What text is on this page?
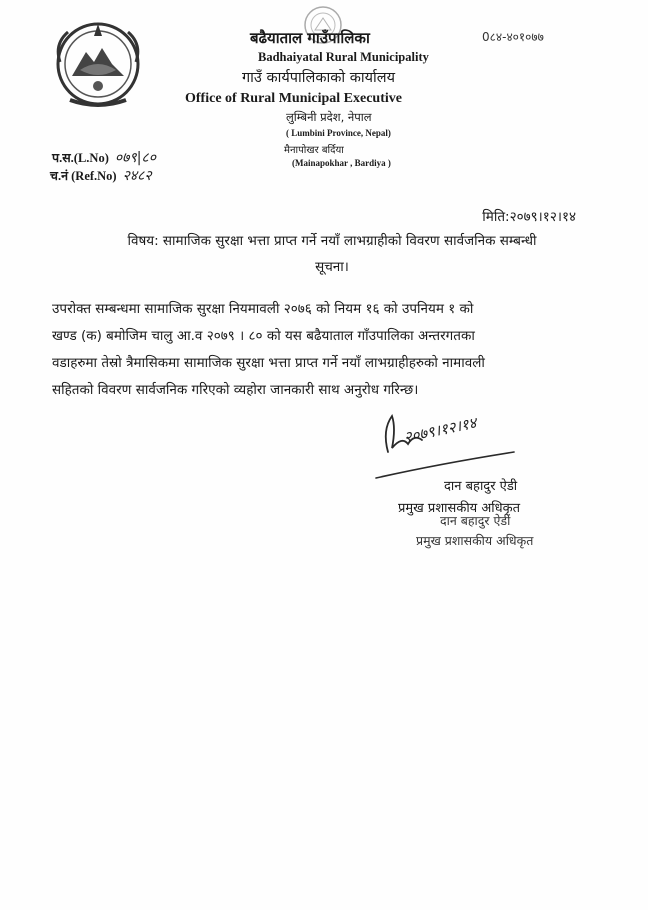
बढैयाताल गाउँपालिका
Badhaiyatal Rural Municipality
गाउँ कार्यपालिकाको कार्यालय
Office of Rural Municipal Executive
लुम्बिनी प्रदेश, नेपाल
( Lumbini Province, Nepal)
मैनापोखर बर्दिया
(Mainapokhar , Bardiya )
0८४-४०१०७७
प.स.(L.No) ०७९|८०
च.नं (Ref.No) २४८२
मिति:२०७९।१२।१४
विषय: सामाजिक सुरक्षा भत्ता प्राप्त गर्ने नयाँ लाभग्राहीको विवरण सार्वजनिक सम्बन्धी
सूचना।
उपरोक्त सम्बन्धमा सामाजिक सुरक्षा नियमावली २०७६ को नियम १६ को उपनियम १ को
खण्ड (क) बमोजिम चालु आ.व २०७९ । ८० को यस बढैयाताल गाँउपालिका अन्तरगतका
वडाहरुमा तेस्रो त्रैमासिकमा सामाजिक सुरक्षा भत्ता प्राप्त गर्ने नयाँ लाभग्राहीहरुको नामावली
सहितको विवरण सार्वजनिक गरिएको व्यहोरा जानकारी साथ अनुरोध गरिन्छ।
२०७९।१२।१४
दान बहादुर ऐडी
प्रमुख प्रशासकीय अधिकृत
दान बहादुर ऐडी
प्रमुख प्रशासकीय अधिकृत
